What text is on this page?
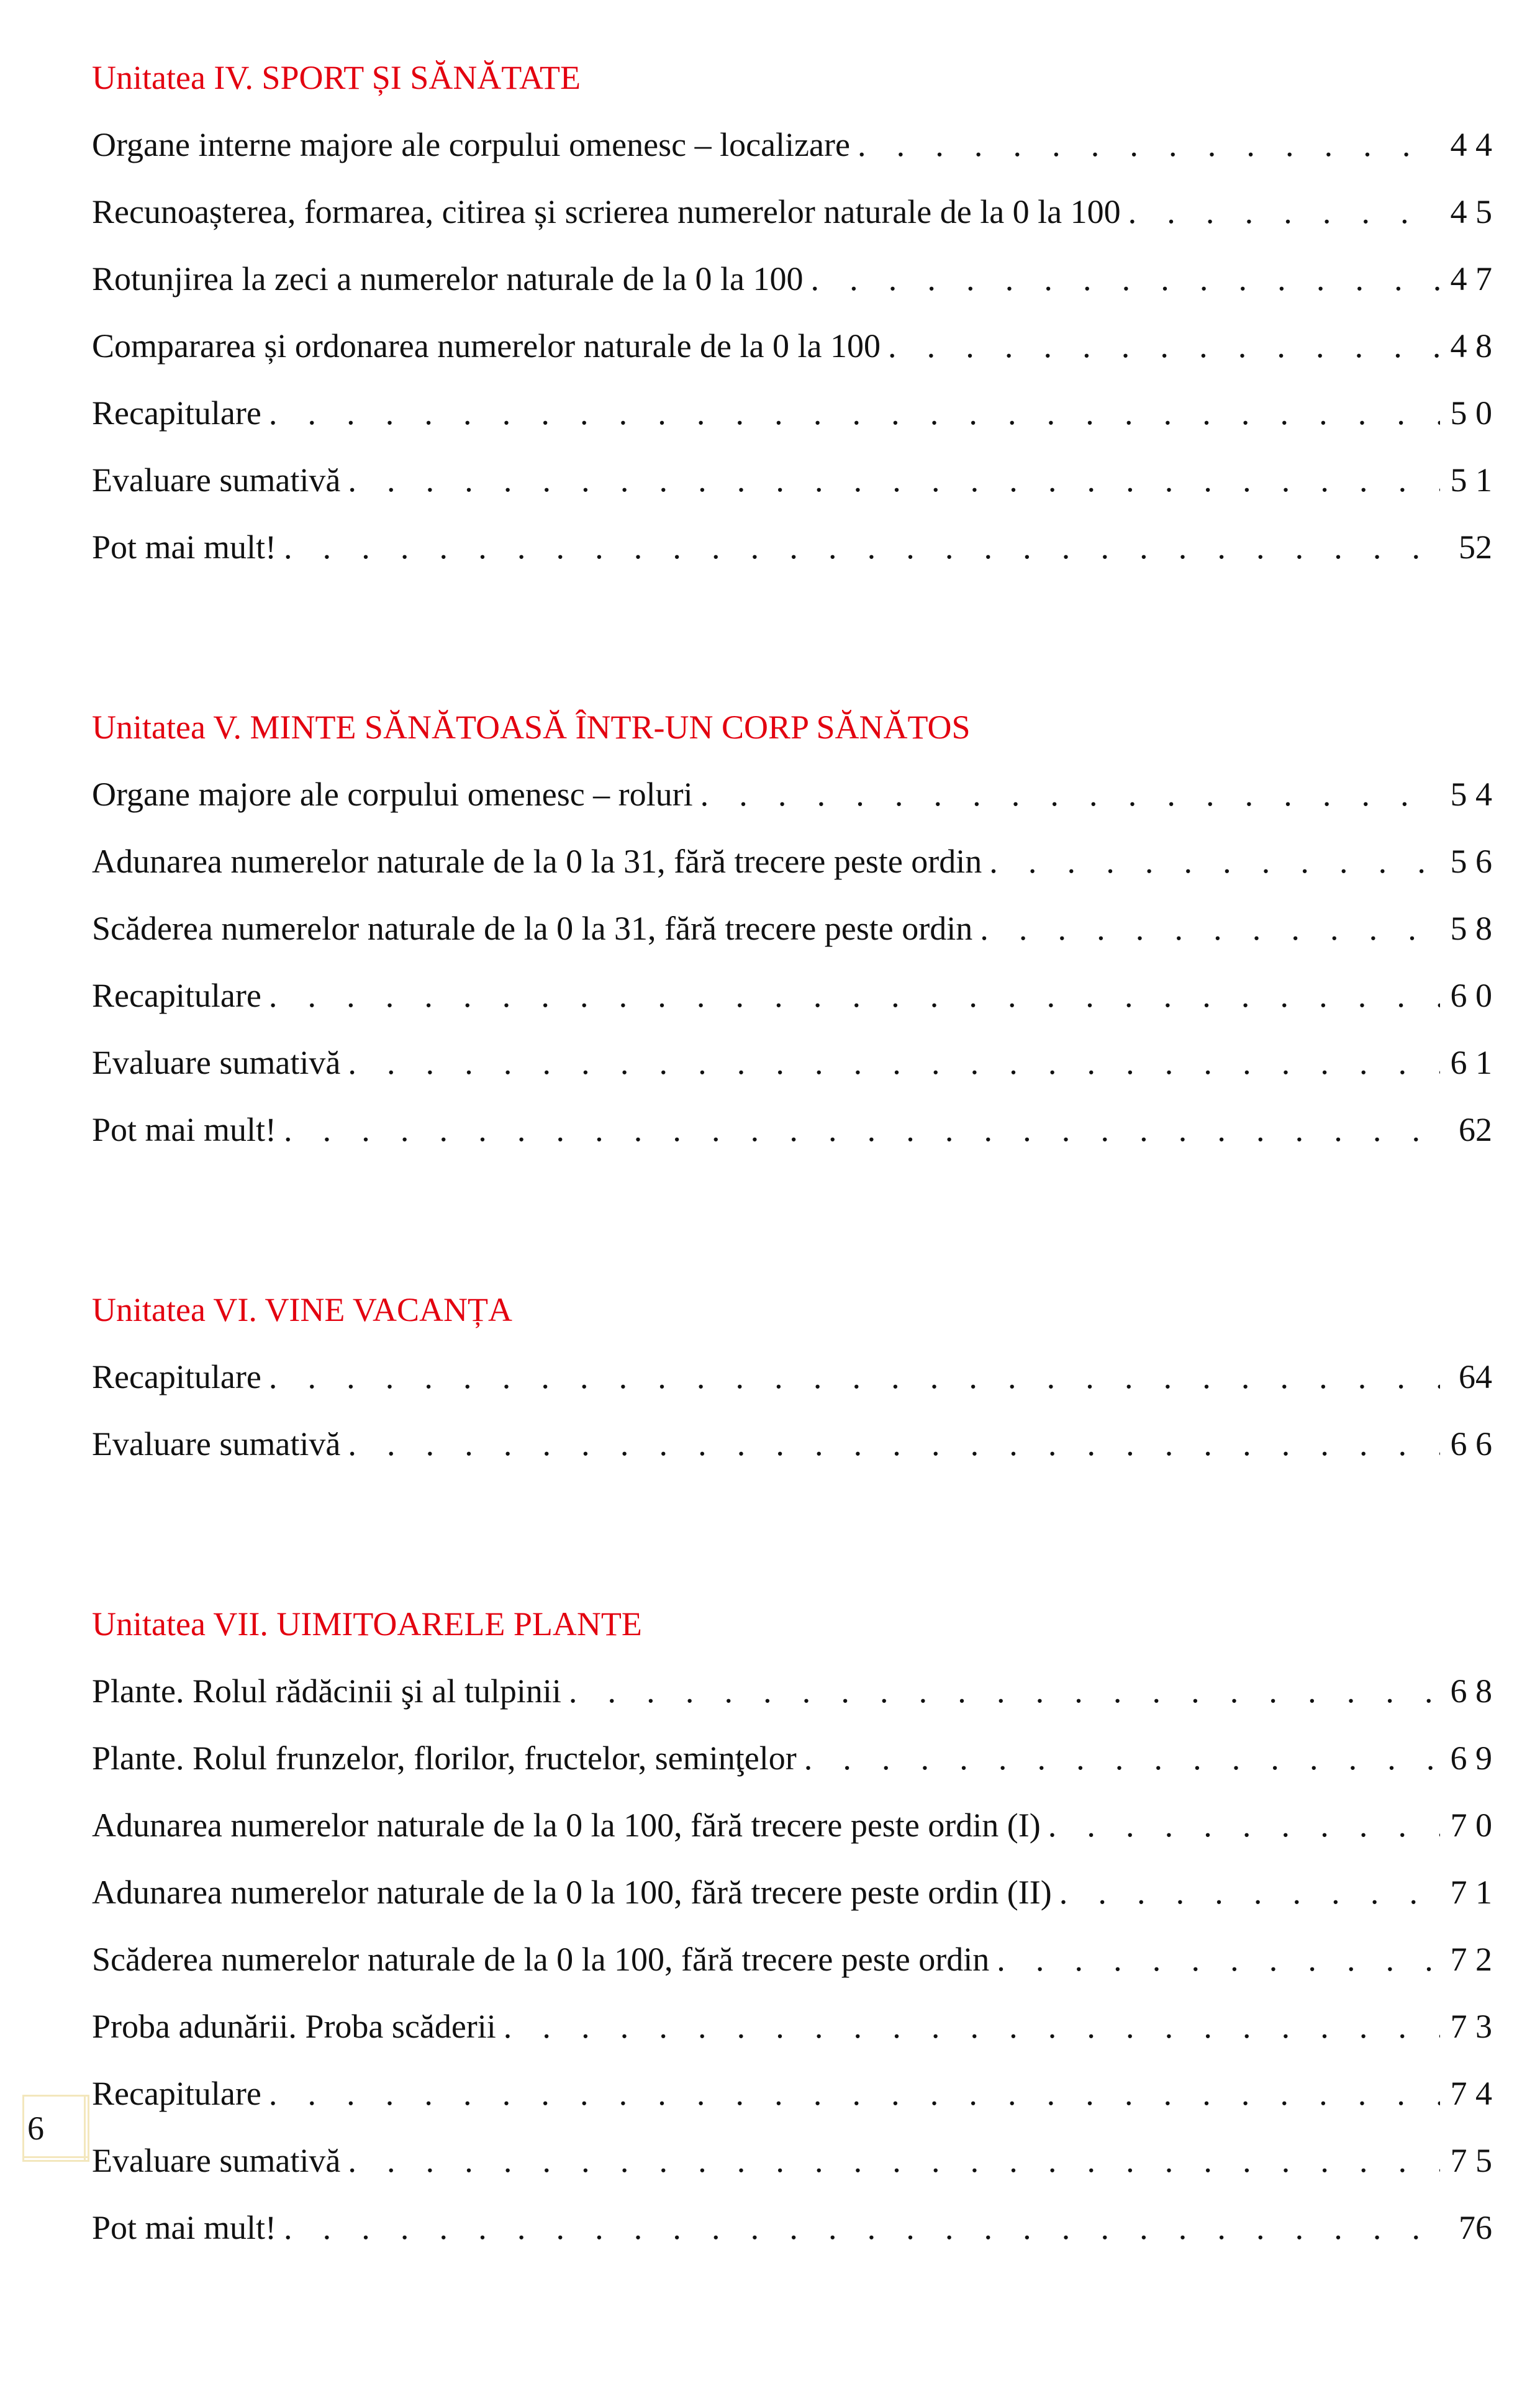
Unitatea IV. SPORT ȘI SĂNĂTATE
Organe interne majore ale corpului omenesc – localizare . . .	4 4
Recunoașterea, formarea, citirea și scrierea numerelor naturale de la 0 la 100 . . .	4 5
Rotunjirea la zeci a numerelor naturale de la 0 la 100 . . .	4 7
Compararea și ordonarea numerelor naturale de la 0 la 100 . . .	4 8
Recapitulare . . .	5 0
Evaluare sumativă . . .	5 1
Pot mai mult! . . .	52
Unitatea V. MINTE SĂNĂTOASĂ ÎNTR-UN CORP SĂNĂTOS
Organe majore ale corpului omenesc – roluri . . .	5 4
Adunarea numerelor naturale de la 0 la 31, fără trecere peste ordin . . .	5 6
Scăderea numerelor naturale de la 0 la 31, fără trecere peste ordin . . .	5 8
Recapitulare . . .	6 0
Evaluare sumativă . . .	6 1
Pot mai mult! . . .	62
Unitatea VI. VINE VACANȚA
Recapitulare . . .	64
Evaluare sumativă . . .	6 6
Unitatea VII. UIMITOARELE PLANTE
Plante. Rolul rădăcinii şi al tulpinii . . .	6 8
Plante. Rolul frunzelor, florilor, fructelor, seminţelor . . .	6 9
Adunarea numerelor naturale de la 0 la 100, fără trecere peste ordin (I) . . .	7 0
Adunarea numerelor naturale de la 0 la 100, fără trecere peste ordin (II) . . .	7 1
Scăderea numerelor naturale de la 0 la 100, fără trecere peste ordin . . .	7 2
Proba adunării. Proba scăderii . . .	7 3
Recapitulare . . .	7 4
Evaluare sumativă . . .	7 5
Pot mai mult! . . .	76
6
